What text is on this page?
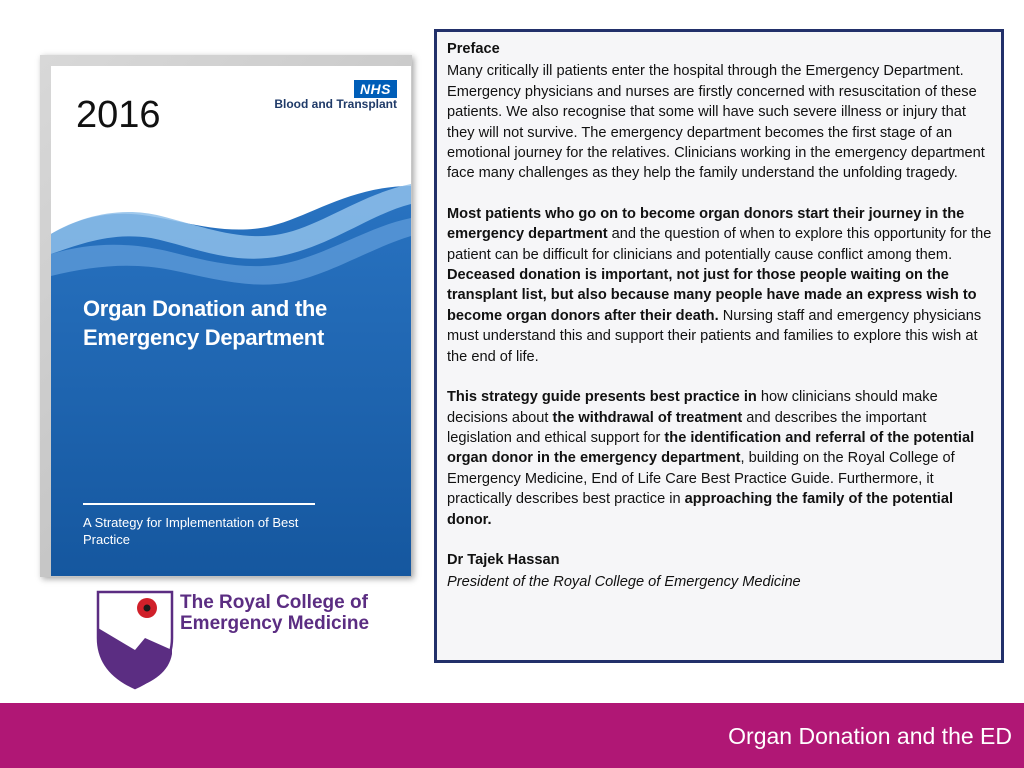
2016
NHS
Blood and Transplant
Organ Donation and the Emergency Department
A Strategy for Implementation of Best Practice
The Royal College of Emergency Medicine

Preface

Many critically ill patients enter the hospital through the Emergency Department. Emergency physicians and nurses are firstly concerned with resuscitation of these patients. We also recognise that some will have such severe illness or injury that they will not survive. The emergency department becomes the first stage of an emotional journey for the relatives. Clinicians working in the emergency department face many challenges as they help the family understand the unfolding tragedy.

Most patients who go on to become organ donors start their journey in the emergency department and the question of when to explore this opportunity for the patient can be difficult for clinicians and potentially cause conflict among them. Deceased donation is important, not just for those people waiting on the transplant list, but also because many people have made an express wish to become organ donors after their death. Nursing staff and emergency physicians must understand this and support their patients and families to explore this wish at the end of life.

This strategy guide presents best practice in how clinicians should make decisions about the withdrawal of treatment and describes the important legislation and ethical support for the identification and referral of the potential organ donor in the emergency department, building on the Royal College of Emergency Medicine, End of Life Care Best Practice Guide. Furthermore, it practically describes best practice in approaching the family of the potential donor.

Dr Tajek Hassan

President of the Royal College of Emergency Medicine

Organ Donation and the ED
